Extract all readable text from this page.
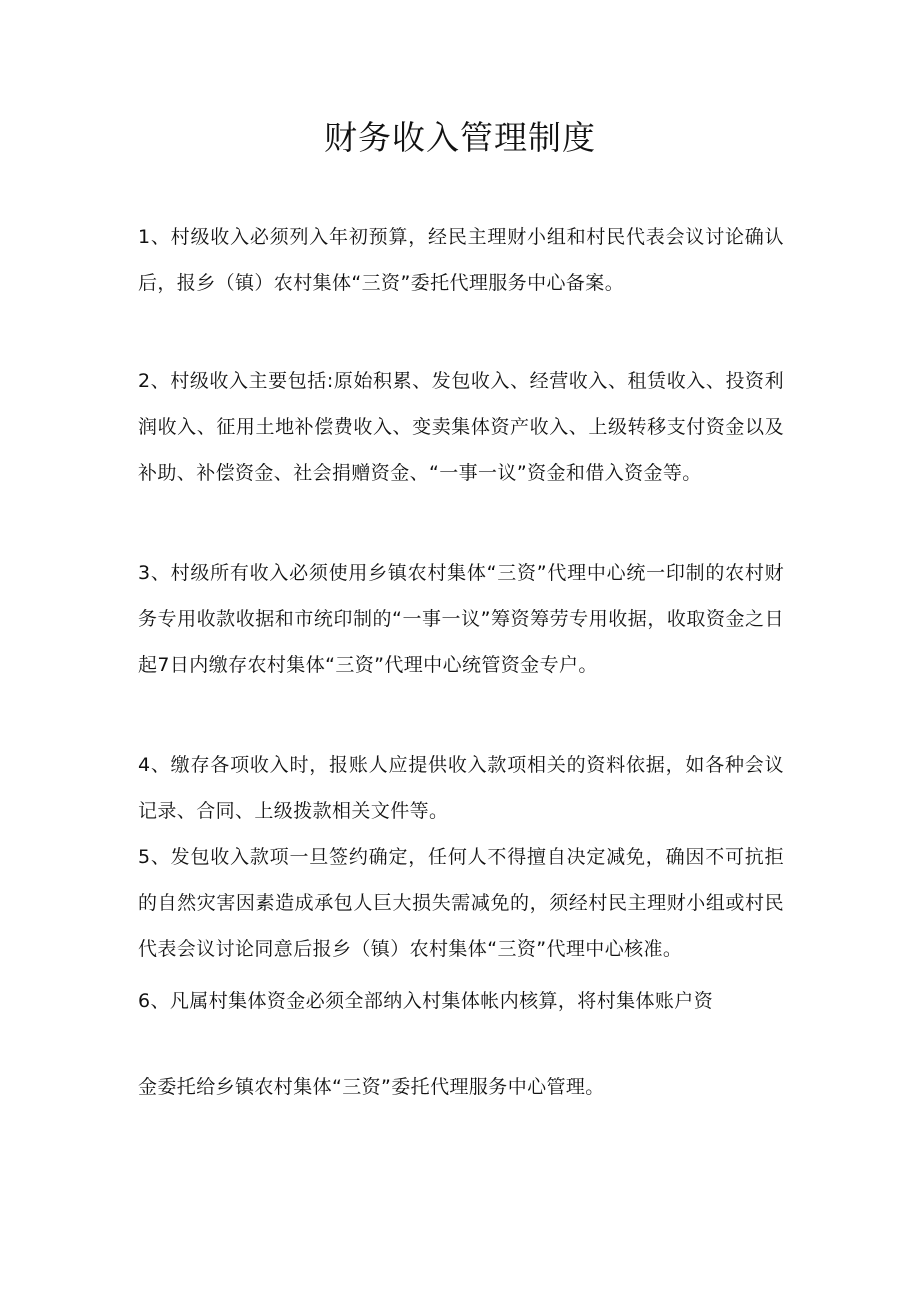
财务收入管理制度

1、村级收入必须列入年初预算，经民主理财小组和村民代表会议讨论确认后，报乡（镇）农村集体“三资”委托代理服务中心备案。

2、村级收入主要包括:原始积累、发包收入、经营收入、租赁收入、投资利润收入、征用土地补偿费收入、变卖集体资产收入、上级转移支付资金以及补助、补偿资金、社会捐赠资金、“一事一议”资金和借入资金等。

3、村级所有收入必须使用乡镇农村集体“三资”代理中心统一印制的农村财务专用收款收据和市统印制的“一事一议”筹资筹劳专用收据，收取资金之日起7日内缴存农村集体“三资”代理中心统管资金专户。

4、缴存各项收入时，报账人应提供收入款项相关的资料依据，如各种会议记录、合同、上级拨款相关文件等。

5、发包收入款项一旦签约确定，任何人不得擅自决定减免，确因不可抗拒的自然灾害因素造成承包人巨大损失需减免的，须经村民主理财小组或村民代表会议讨论同意后报乡（镇）农村集体“三资”代理中心核准。

6、凡属村集体资金必须全部纳入村集体帐内核算，将村集体账户资

金委托给乡镇农村集体“三资”委托代理服务中心管理。
